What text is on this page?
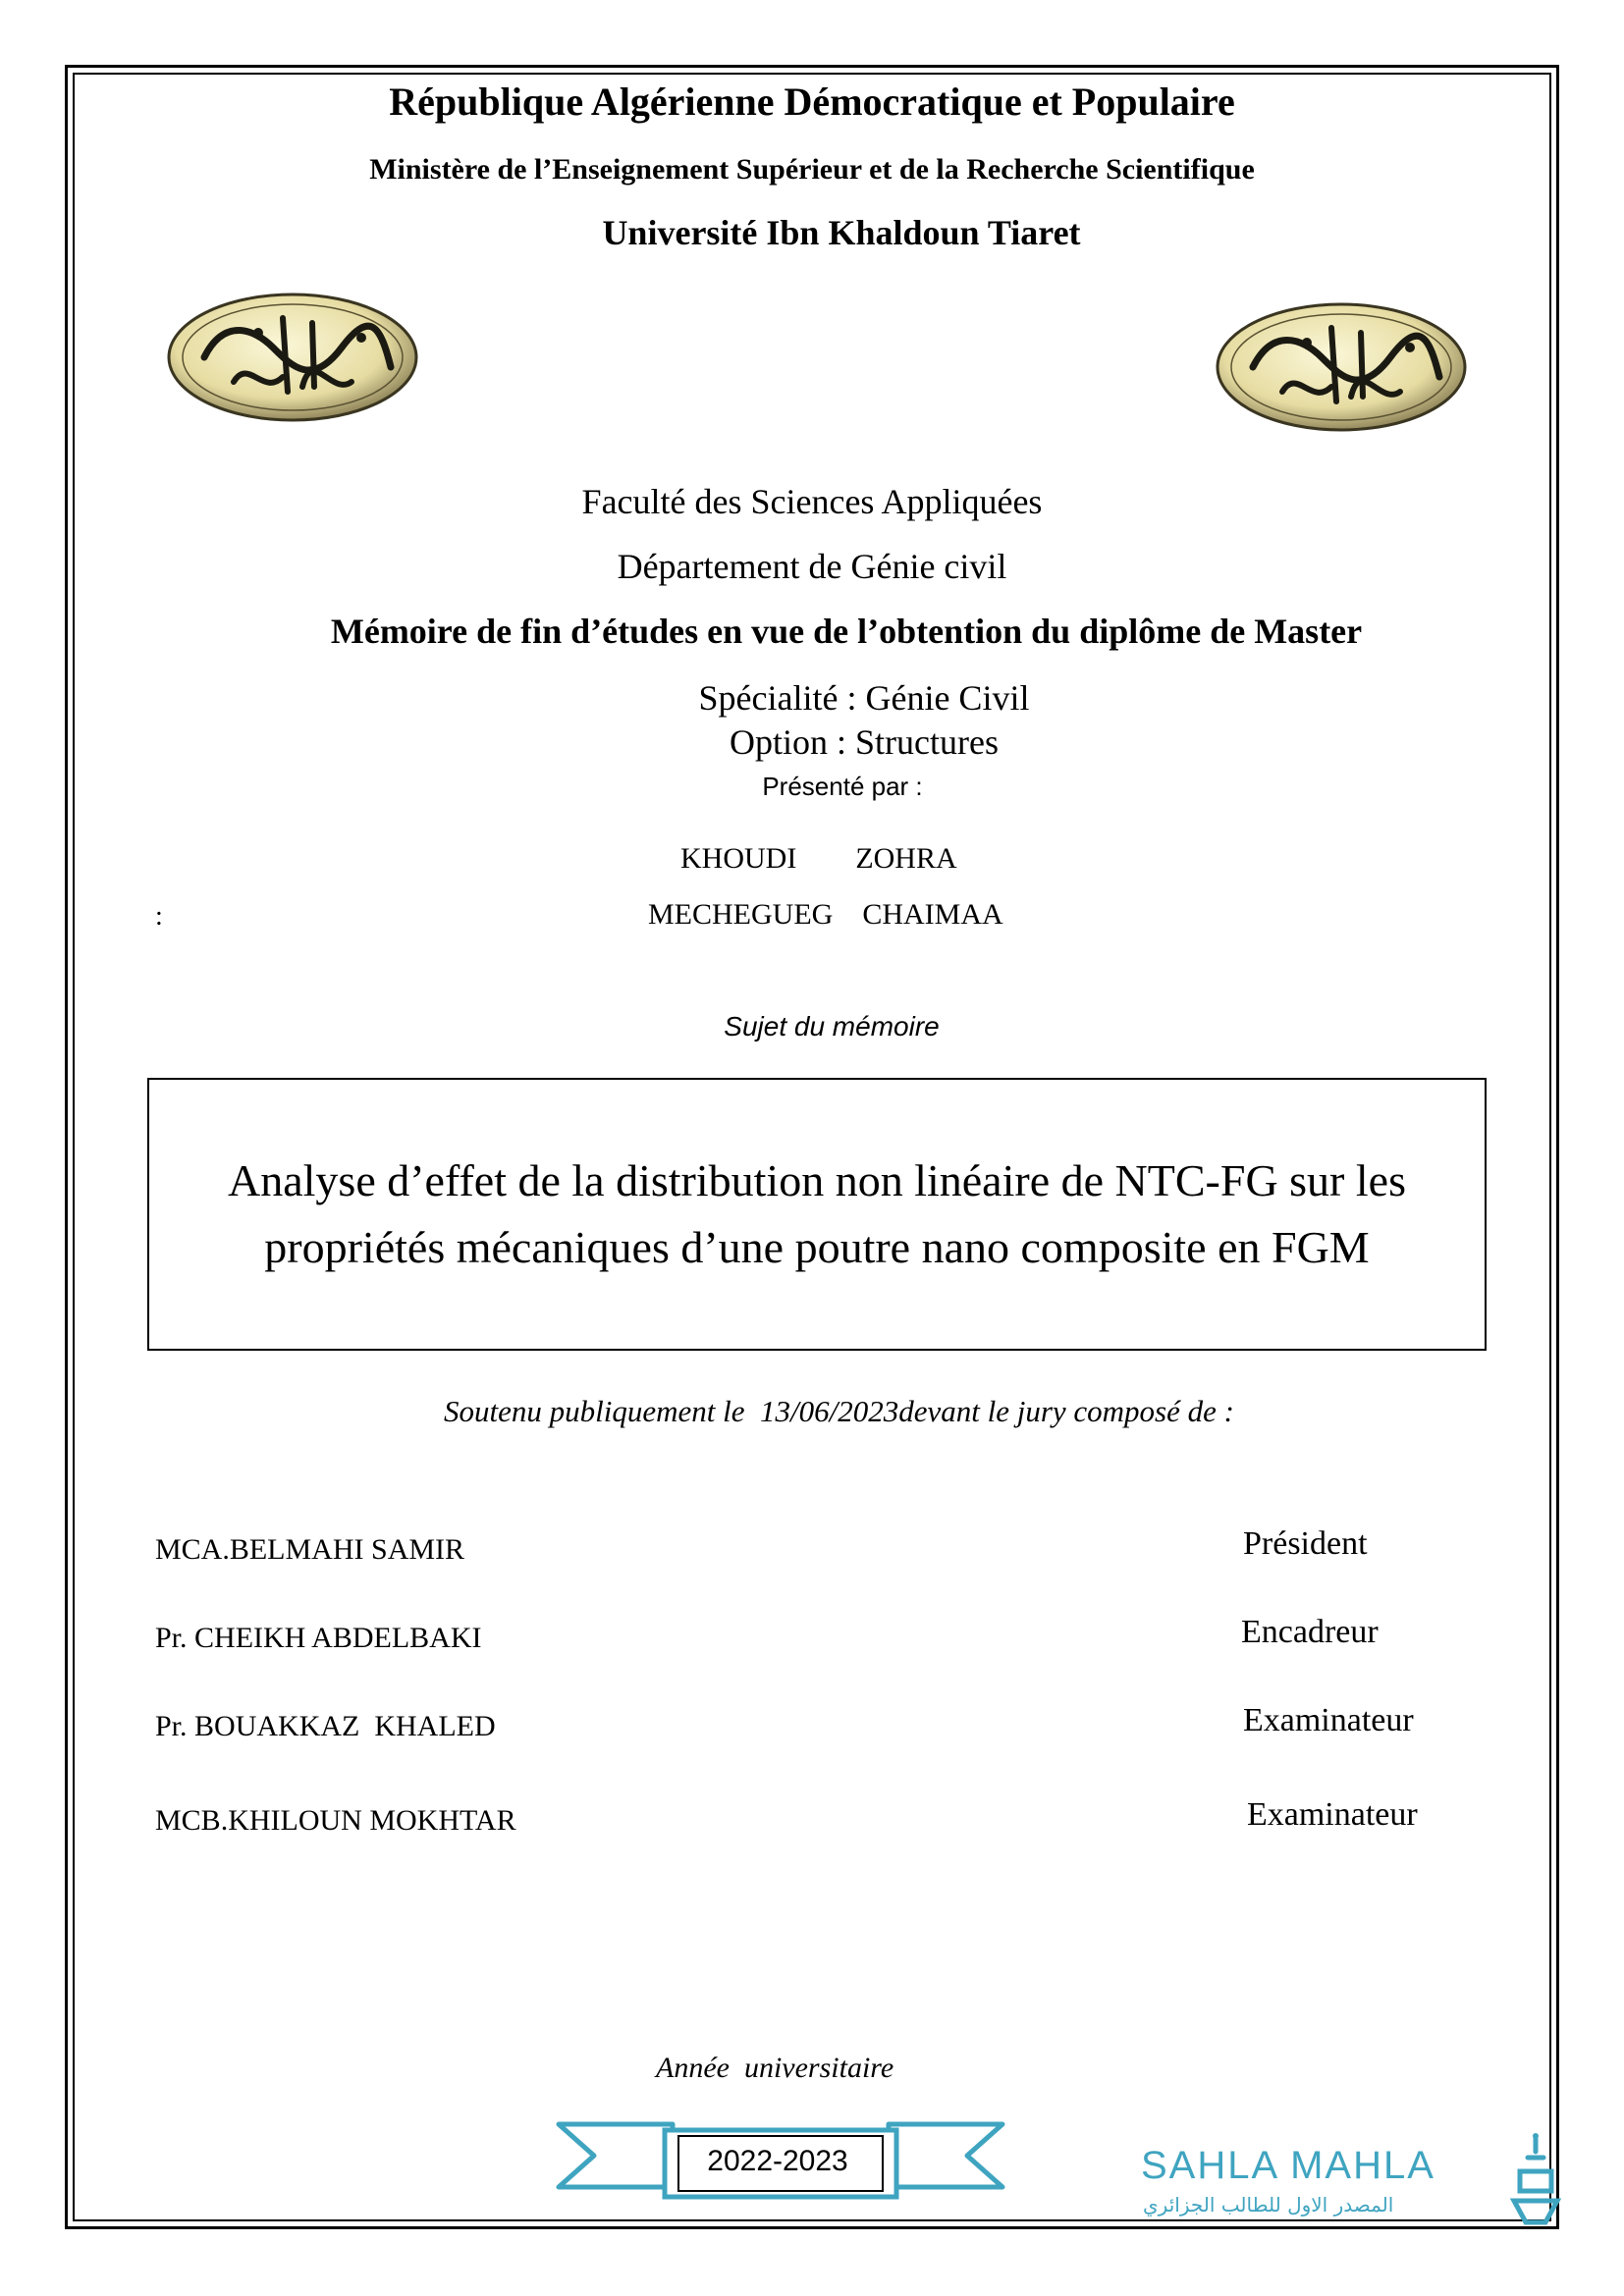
République Algérienne Démocratique et Populaire
Ministère de l’Enseignement Supérieur et de la Recherche Scientifique
Université Ibn Khaldoun Tiaret
Faculté des Sciences Appliquées
Département de Génie civil
Mémoire de fin d’études en vue de l’obtention du diplôme de Master
Spécialité : Génie Civil
Option : Structures
Présenté par :
KHOUDI        ZOHRA
:	MECHEGUEG    CHAIMAA
Sujet du mémoire
Analyse d’effet de la distribution non linéaire de NTC-FG sur les
propriétés mécaniques d’une poutre nano composite en FGM
Soutenu publiquement le  13/06/2023devant le jury composé de :
MCA.BELMAHI SAMIR	Président
Pr. CHEIKH ABDELBAKI	Encadreur
Pr. BOUAKKAZ  KHALED	Examinateur
MCB.KHILOUN MOKHTAR	Examinateur
Année  universitaire
2022-2023	SAHLA MAHLA
المصدر الاول للطالب الجزائري
